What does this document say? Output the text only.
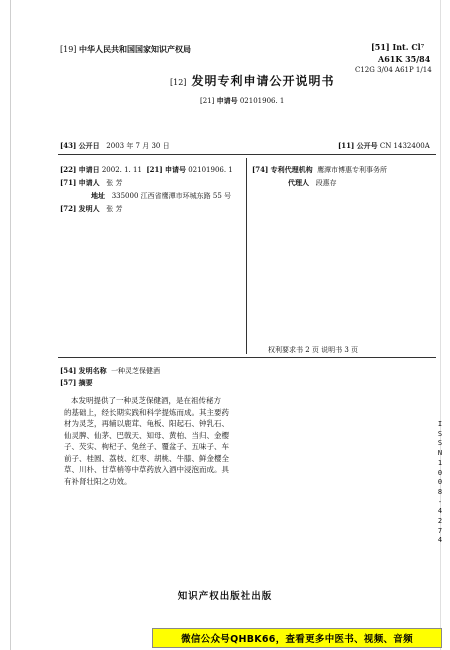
[19] 中华人民共和国国家知识产权局	[51] Int. Cl⁷
A61K 35/84
C12G 3/04 A61P 1/14
[12] 发明专利申请公开说明书
[21] 申请号 02101906. 1
[43] 公开日 2003 年 7 月 30 日	[11] 公开号 CN 1432400A
[22] 申请日 2002. 1. 11 [21] 申请号 02101906. 1
[71] 申请人 张 芳
地址 335000 江西省鹰潭市环城东路 55 号
[72] 发明人 张 芳
[74] 专利代理机构 鹰潭市博惠专利事务所
代理人 段惠存
权利要求书 2 页 说明书 3 页
[54] 发明名称 一种灵芝保健酒
[57] 摘要

本发明提供了一种灵芝保健酒，是在祖传秘方

的基础上，经长期实践和科学提炼而成。其主要药

材为灵芝，再辅以鹿茸、龟板、阳起石、钟乳石、

仙灵脾、仙茅、巴戟天、知母、黄柏、当归、金樱

子、芡实、枸杞子、兔丝子、覆盆子、五味子、车

前子、桂圆、荔枝、红枣、胡桃、牛膝、鲜金樱全

草、川朴、甘草梢等中草药放入酒中浸泡而成。具

有补肾壮阳之功效。

I
S
S
N
1
0
0
8
-
4
2
7
4
知识产权出版社出版
微信公众号QHBK66，查看更多中医书、视频、音频
